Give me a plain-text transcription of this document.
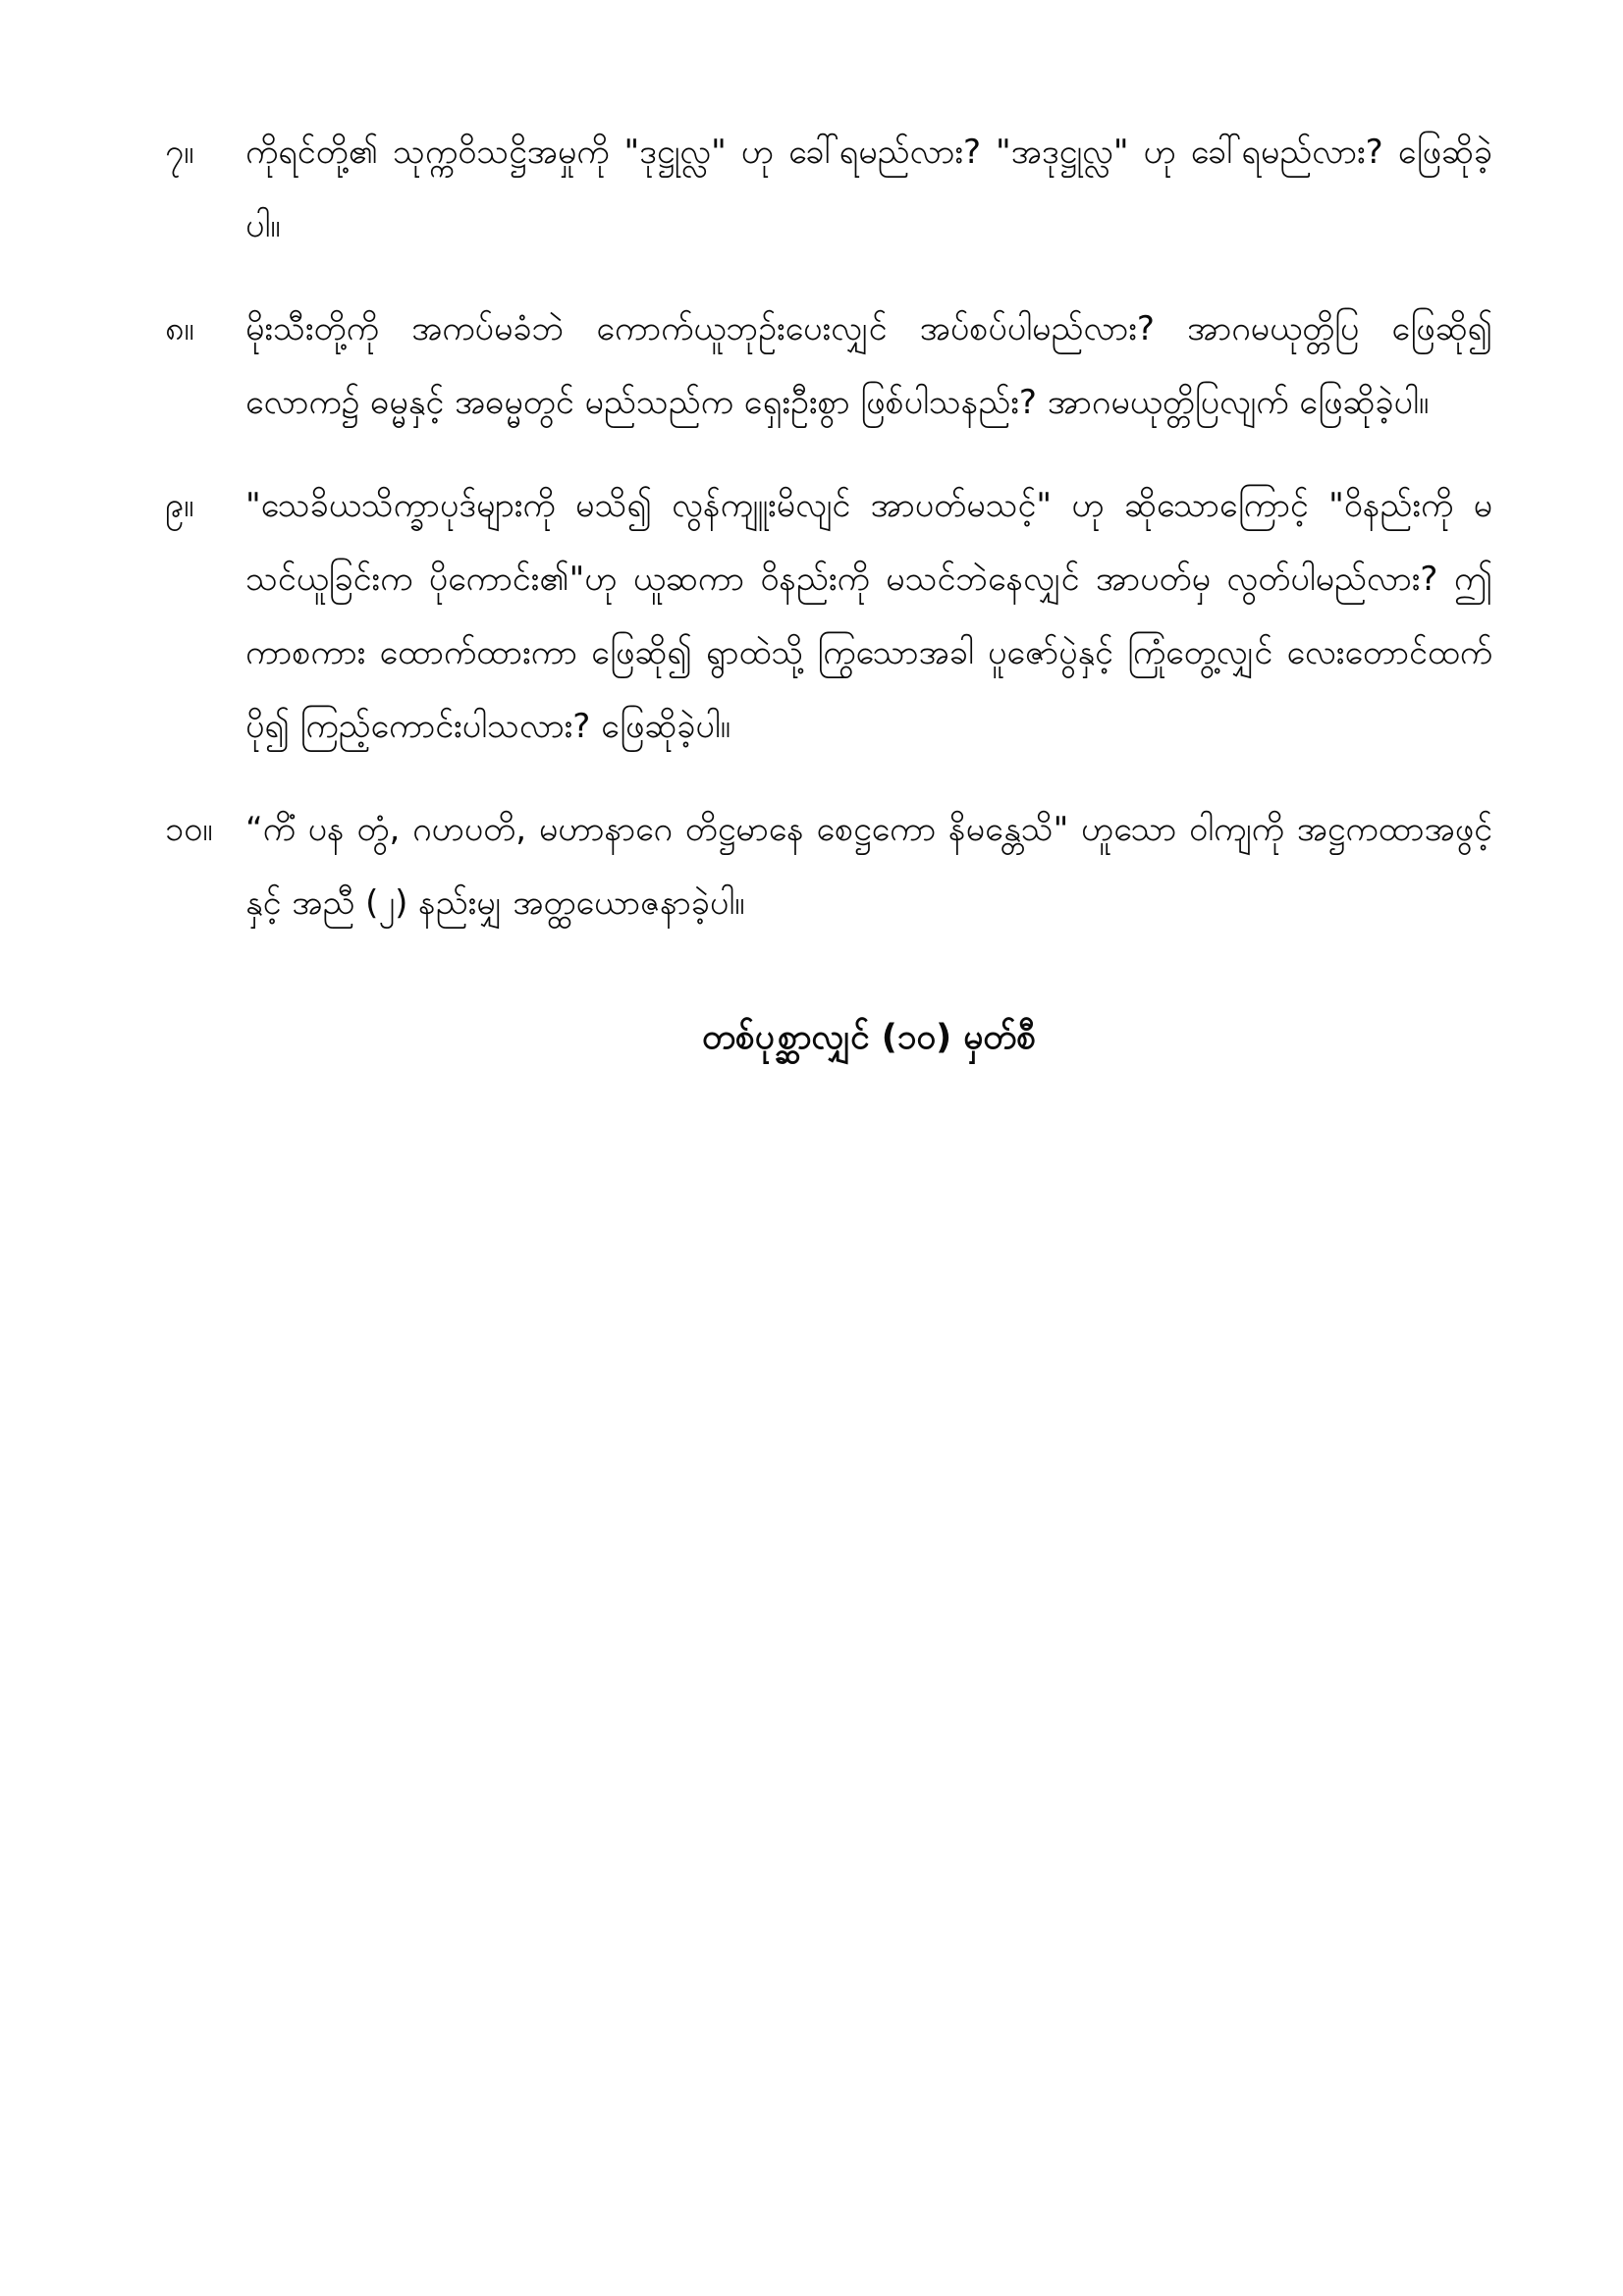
၇။	ကိုရင်တို့၏ သုက္ကဝိသဋ္ဌိအမှုကို "ဒုဋ္ဌုလ္လ" ဟု ခေါ်ရမည်လား? "အဒုဋ္ဌုလ္လ" ဟု ခေါ်ရမည်လား? ဖြေဆိုခဲ့ပါ။
၈။	မိုးသီးတို့ကို အကပ်မခံဘဲ ကောက်ယူဘုဉ်းပေးလျှင် အပ်စပ်ပါမည်လား? အာဂမယုတ္တိပြ ဖြေဆို၍ လောက၌ ဓမ္မနှင့် အဓမ္မတွင် မည်သည်က ရှေးဦးစွာ ဖြစ်ပါသနည်း? အာဂမယုတ္တိပြလျက် ဖြေဆိုခဲ့ပါ။
၉။	"သေခိယသိက္ခာပုဒ်များကို မသိ၍ လွန်ကျူးမိလျင် အာပတ်မသင့်" ဟု ဆိုသောကြောင့် "ဝိနည်းကို မသင်ယူခြင်းက ပိုကောင်း၏"ဟု ယူဆကာ ဝိနည်းကို မသင်ဘဲနေလျှင် အာပတ်မှ လွတ်ပါမည်လား? ဤကာစကား ထောက်ထားကာ ဖြေဆို၍ ရွာထဲသို့ ကြွသောအခါ ပူဇော်ပွဲနှင့် ကြုံတွေ့လျှင် လေးတောင်ထက် ပို၍ ကြည့်ကောင်းပါသလား? ဖြေဆိုခဲ့ပါ။
၁၀။ “ကိံ ပန တွံ, ဂဟပတိ, မဟာနာဂေ တိဋ္ဌမာနေ စေဋ္ဌကော နိမန္တေသိ" ဟူသော ဝါကျကို အဋ္ဌကထာအဖွင့်နှင့် အညီ (၂) နည်းမျှ အတ္ထယောဇနာခဲ့ပါ။
တစ်ပုစ္ဆာလျှင် (၁၀) မှတ်စီ
